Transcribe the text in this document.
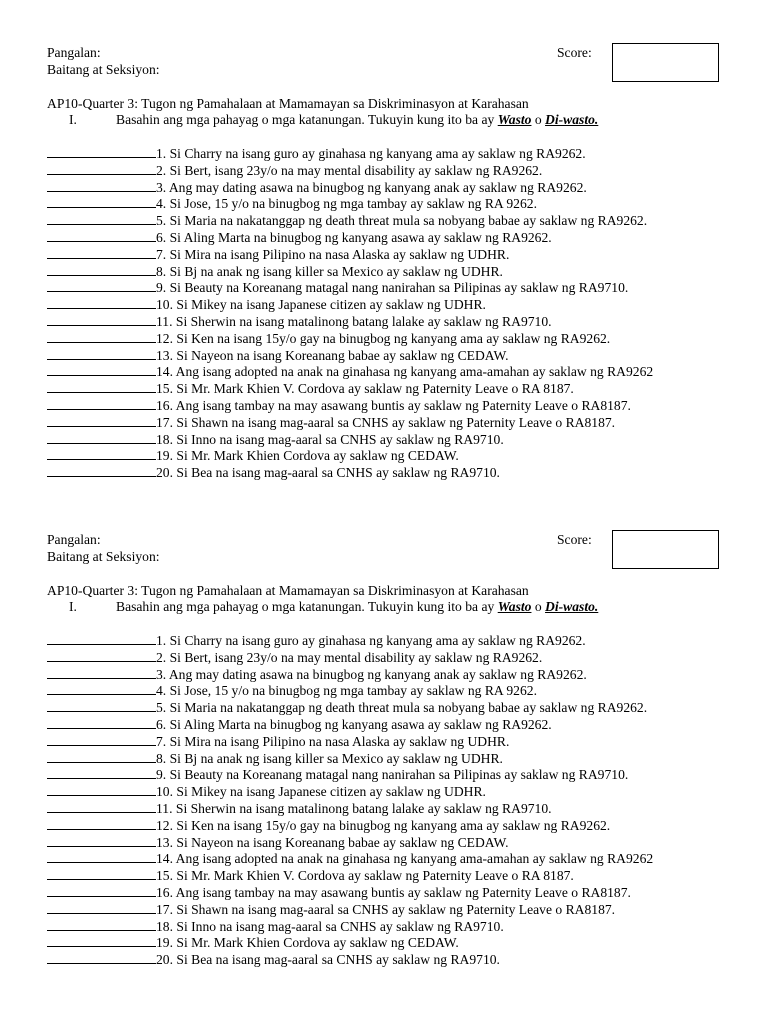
Pangalan:
Baitang at Seksiyon:
Score:
AP10-Quarter 3: Tugon ng Pamahalaan at Mamamayan sa Diskriminasyon at Karahasan
I.	Basahin ang mga pahayag o mga katanungan. Tukuyin kung ito ba ay Wasto o Di-wasto.
1. Si Charry na isang guro ay ginahasa ng kanyang ama ay saklaw ng RA9262.
2. Si Bert, isang 23y/o na may mental disability ay saklaw ng RA9262.
3. Ang may dating asawa na binugbog ng kanyang anak ay saklaw ng RA9262.
4. Si Jose, 15 y/o na binugbog ng mga tambay ay saklaw ng RA 9262.
5. Si Maria na nakatanggap ng death threat mula sa nobyang babae ay saklaw ng RA9262.
6. Si Aling Marta na binugbog ng kanyang asawa ay saklaw ng RA9262.
7. Si Mira na isang Pilipino na nasa Alaska ay saklaw ng UDHR.
8. Si Bj na anak ng isang killer sa Mexico ay saklaw ng UDHR.
9. Si Beauty na Koreanang matagal nang nanirahan sa Pilipinas ay saklaw ng RA9710.
10. Si Mikey na isang Japanese citizen ay saklaw ng UDHR.
11. Si Sherwin na isang matalinong batang lalake ay saklaw ng RA9710.
12. Si Ken na isang 15y/o gay na binugbog ng kanyang ama ay saklaw ng RA9262.
13. Si Nayeon na isang Koreanang babae ay saklaw ng CEDAW.
14. Ang isang adopted na anak na ginahasa ng kanyang ama-amahan ay saklaw ng RA9262
15. Si Mr. Mark Khien V. Cordova ay saklaw ng Paternity Leave o RA 8187.
16. Ang isang tambay na may asawang buntis ay saklaw ng Paternity Leave o RA8187.
17. Si Shawn na isang mag-aaral sa CNHS ay saklaw ng Paternity Leave o RA8187.
18. Si Inno na isang mag-aaral sa CNHS ay saklaw ng RA9710.
19. Si Mr. Mark Khien Cordova ay saklaw ng CEDAW.
20. Si Bea na isang mag-aaral sa CNHS ay saklaw ng RA9710.
Pangalan:
Baitang at Seksiyon:
Score:
AP10-Quarter 3: Tugon ng Pamahalaan at Mamamayan sa Diskriminasyon at Karahasan
I.	Basahin ang mga pahayag o mga katanungan. Tukuyin kung ito ba ay Wasto o Di-wasto.
1. Si Charry na isang guro ay ginahasa ng kanyang ama ay saklaw ng RA9262.
2. Si Bert, isang 23y/o na may mental disability ay saklaw ng RA9262.
3. Ang may dating asawa na binugbog ng kanyang anak ay saklaw ng RA9262.
4. Si Jose, 15 y/o na binugbog ng mga tambay ay saklaw ng RA 9262.
5. Si Maria na nakatanggap ng death threat mula sa nobyang babae ay saklaw ng RA9262.
6. Si Aling Marta na binugbog ng kanyang asawa ay saklaw ng RA9262.
7. Si Mira na isang Pilipino na nasa Alaska ay saklaw ng UDHR.
8. Si Bj na anak ng isang killer sa Mexico ay saklaw ng UDHR.
9. Si Beauty na Koreanang matagal nang nanirahan sa Pilipinas ay saklaw ng RA9710.
10. Si Mikey na isang Japanese citizen ay saklaw ng UDHR.
11. Si Sherwin na isang matalinong batang lalake ay saklaw ng RA9710.
12. Si Ken na isang 15y/o gay na binugbog ng kanyang ama ay saklaw ng RA9262.
13. Si Nayeon na isang Koreanang babae ay saklaw ng CEDAW.
14. Ang isang adopted na anak na ginahasa ng kanyang ama-amahan ay saklaw ng RA9262
15. Si Mr. Mark Khien V. Cordova ay saklaw ng Paternity Leave o RA 8187.
16. Ang isang tambay na may asawang buntis ay saklaw ng Paternity Leave o RA8187.
17. Si Shawn na isang mag-aaral sa CNHS ay saklaw ng Paternity Leave o RA8187.
18. Si Inno na isang mag-aaral sa CNHS ay saklaw ng RA9710.
19. Si Mr. Mark Khien Cordova ay saklaw ng CEDAW.
20. Si Bea na isang mag-aaral sa CNHS ay saklaw ng RA9710.
